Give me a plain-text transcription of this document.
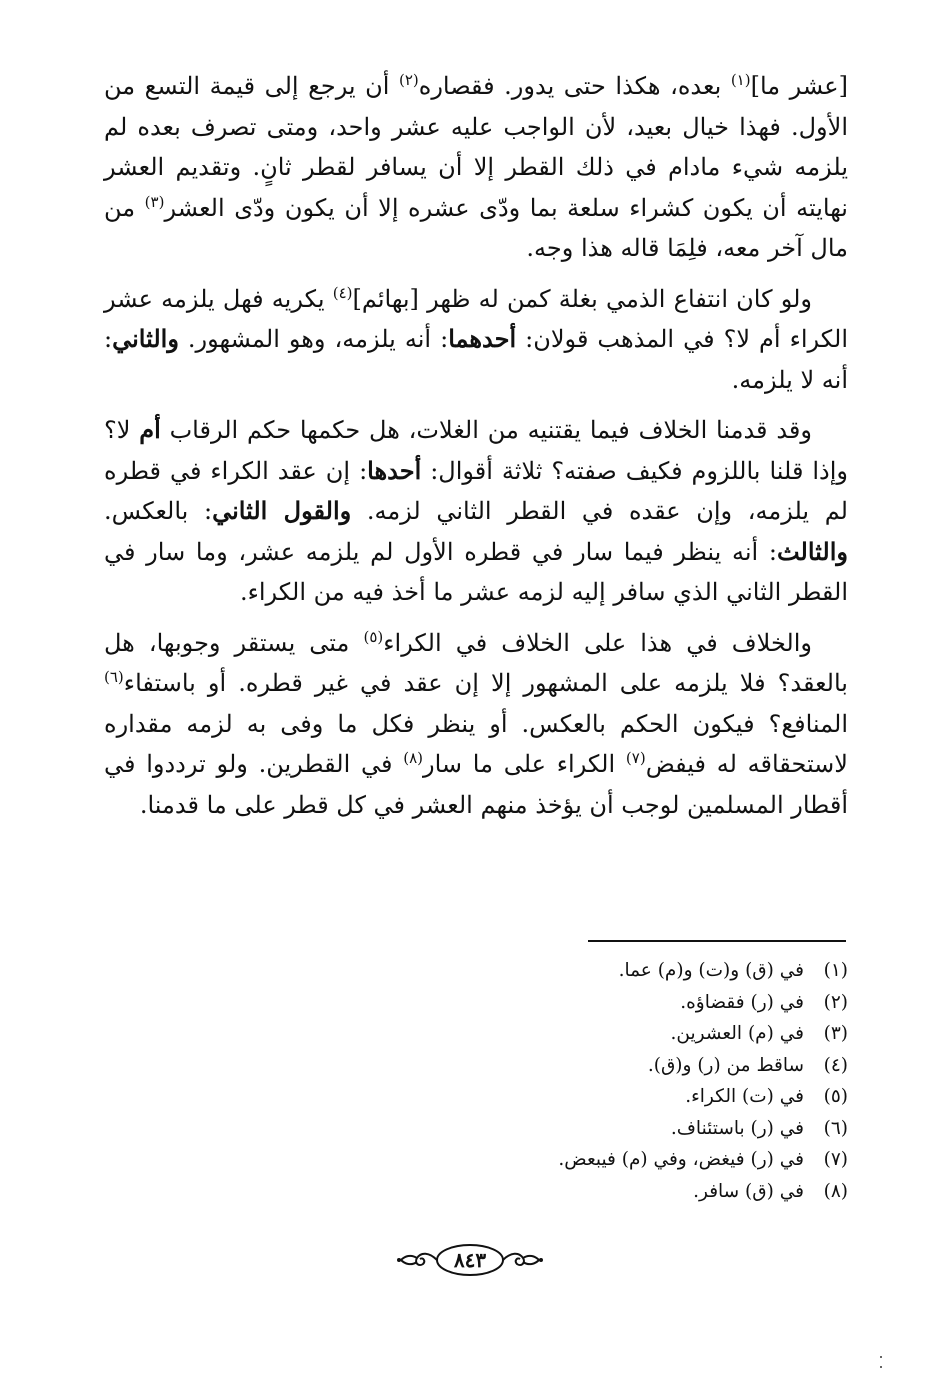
[عشر ما]$^{(١)}$ بعده، هكذا حتى يدور. فقصاره$^{(٢)}$ أن يرجع إلى قيمة التسع من الأول. فهذا خيال بعيد، لأن الواجب عليه عشر واحد، ومتى تصرف بعده لم يلزمه شيء مادام في ذلك القطر إلا أن يسافر لقطر ثانٍ. وتقديم العشر نهايته أن يكون كشراء سلعة بما ودّى عشره إلا أن يكون ودّى العشر$^{(٣)}$ من مال آخر معه، فلِمَا قاله هذا وجه.

ولو كان انتفاع الذمي بغلة كمن له ظهر [بهائم]$^{(٤)}$ يكريه فهل يلزمه عشر الكراء أم لا؟ في المذهب قولان: أحدهما: أنه يلزمه، وهو المشهور. والثاني: أنه لا يلزمه.

وقد قدمنا الخلاف فيما يقتنيه من الغلات، هل حكمها حكم الرقاب أم لا؟ وإذا قلنا باللزوم فكيف صفته؟ ثلاثة أقوال: أحدها: إن عقد الكراء في قطره لم يلزمه، وإن عقده في القطر الثاني لزمه. والقول الثاني: بالعكس. والثالث: أنه ينظر فيما سار في قطره الأول لم يلزمه عشر، وما سار في القطر الثاني الذي سافر إليه لزمه عشر ما أخذ فيه من الكراء.

والخلاف في هذا على الخلاف في الكراء$^{(٥)}$ متى يستقر وجوبها، هل بالعقد؟ فلا يلزمه على المشهور إلا إن عقد في غير قطره. أو باستفاء$^{(٦)}$ المنافع؟ فيكون الحكم بالعكس. أو ينظر فكل ما وفى به لزمه مقداره لاستحقاقه له فيفض$^{(٧)}$ الكراء على ما سار$^{(٨)}$ في القطرين. ولو ترددوا في أقطار المسلمين لوجب أن يؤخذ منهم العشر في كل قطر على ما قدمنا.

(١)
في (ق) و(ت) و(م) عما.
(٢)
في (ر) فقضاؤه.
(٣)
في (م) العشرين.
(٤)
ساقط من (ر) و(ق).
(٥)
في (ت) الكراء.
(٦)
في (ر) باستئناف.
(٧)
في (ر) فيغض، وفي (م) فيبعض.
(٨)
في (ق) سافر.
٨٤٣
